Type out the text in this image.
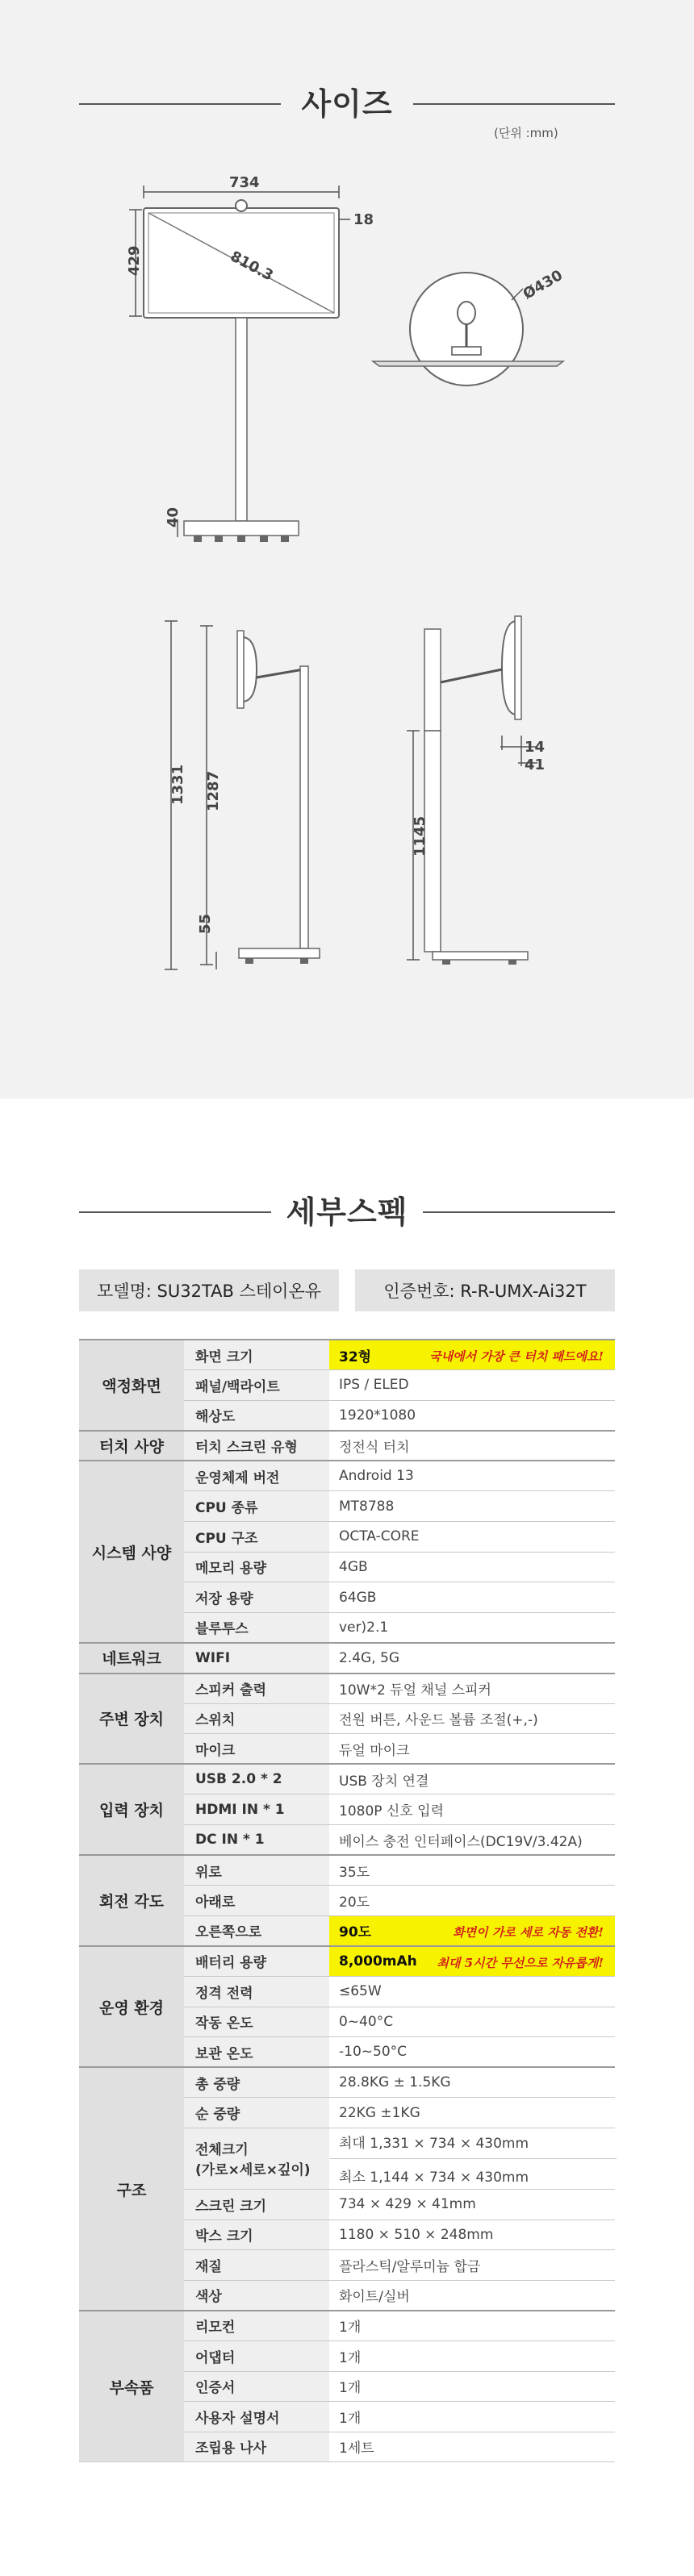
사이즈
(단위 :mm)
734
429	810.3
18
40
Ø430
1331 1287
55
1145
14
41
세부스펙
모델명: SU32TAB 스테이온유	인증번호: R-R-UMX-Ai32T
액정화면	화면 크기	32형 국내에서 가장 큰 터치 패드에요!

	패널/백라이트	IPS / ELED
	해상도	1920*1080
터치 사양	터치 스크린 유형	정전식 터치
시스템 사양	운영체제 버전	Android 13
	CPU 종류	MT8788
	CPU 구조	OCTA-CORE
	메모리 용량	4GB
	저장 용량	64GB
	블루투스	ver)2.1
네트워크	WIFI	2.4G, 5G
주변 장치	스피커 출력	10W*2 듀얼 채널 스피커
	스위치	전원 버튼, 사운드 볼륨 조절(+,-)
	마이크	듀얼 마이크
입력 장치	USB 2.0 * 2	USB 장치 연결
	HDMI IN * 1	1080P 신호 입력
	DC IN * 1	베이스 충전 인터페이스(DC19V/3.42A)
회전 각도	위로	35도
	아래로	20도
	오른쪽으로	90도 화면이 가로 세로 자동 전환!

운영 환경	배터리 용량	8,000mAh 최대 5시간 무선으로 자유롭게!

	정격 전력	≤65W
	작동 온도	0~40°C
	보관 온도	-10~50°C
구조	총 중량	28.8KG ± 1.5KG
	순 중량	22KG ±1KG
	전체크기
(가로×세로×깊이)	최대 1,331 × 734 × 430mm
최소 1,144 × 734 × 430mm

	스크린 크기	734 × 429 × 41mm
	박스 크기	1180 × 510 × 248mm
	재질	플라스틱/알루미늄 합금
	색상	화이트/실버
부속품	리모컨	1개
	어댑터	1개
	인증서	1개
	사용자 설명서	1개
	조립용 나사	1세트
